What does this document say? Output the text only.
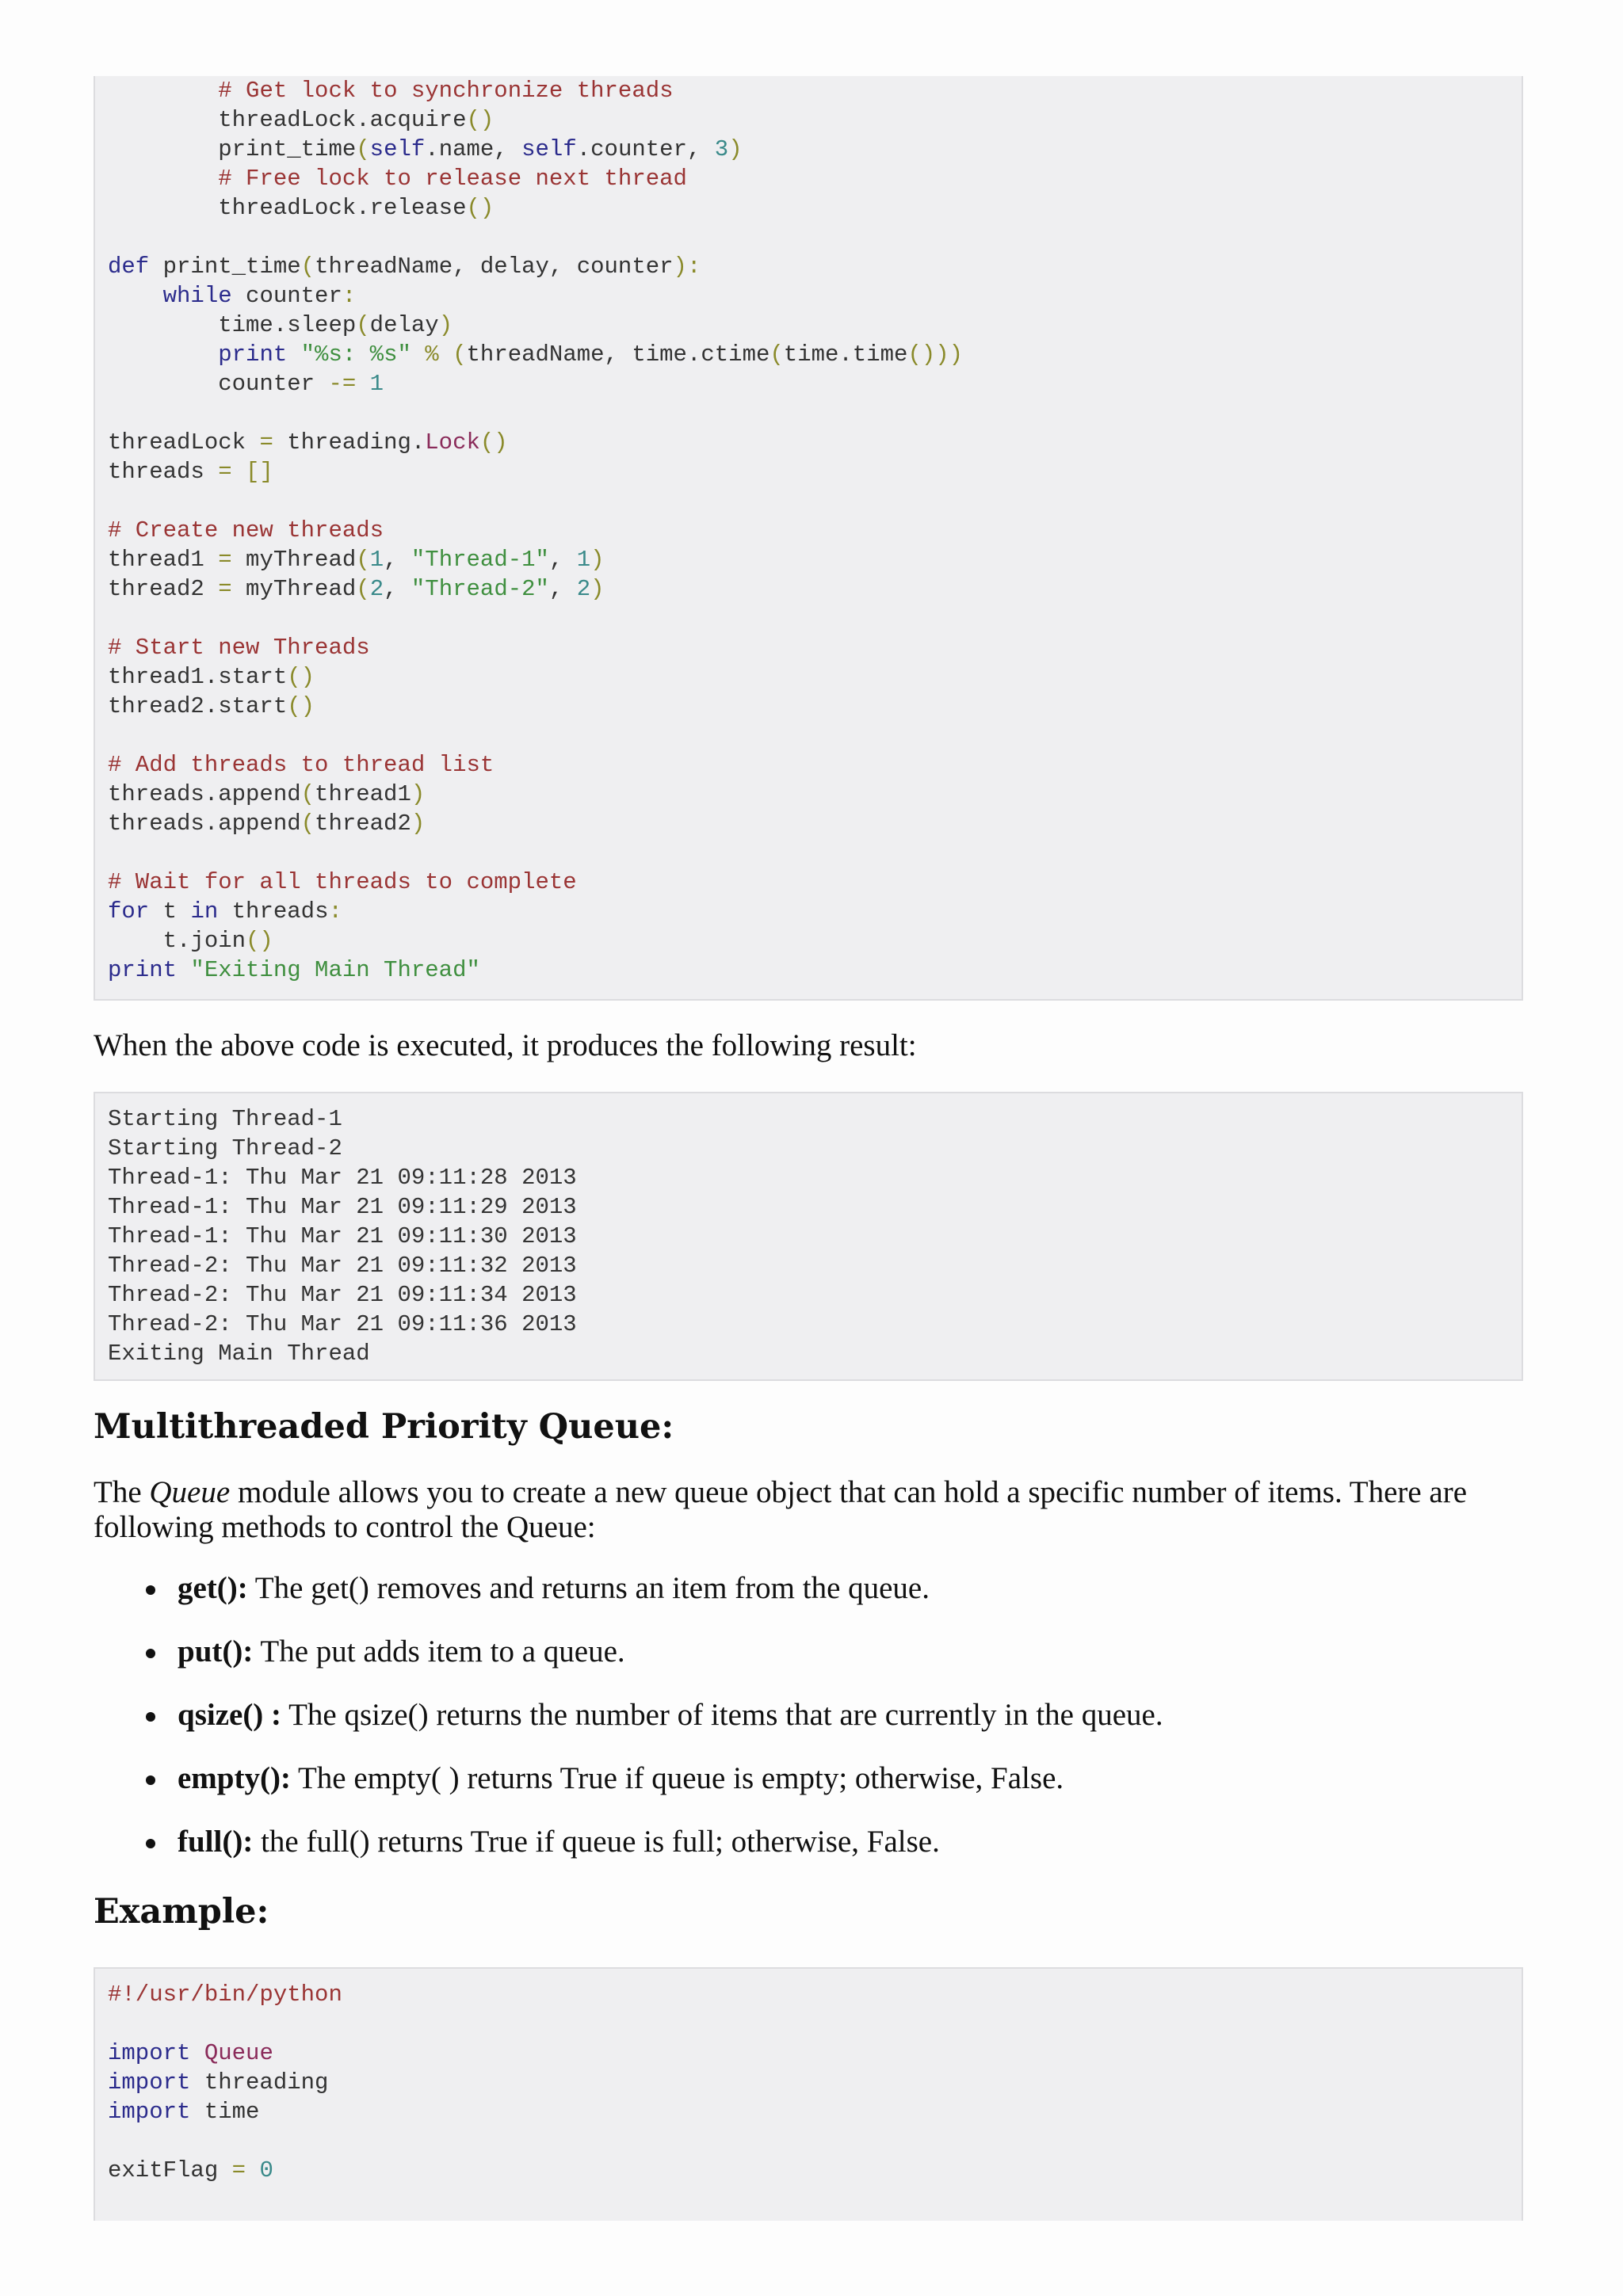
# Get lock to synchronize threads
threadLock.acquire()
print_time(self.name, self.counter, 3)
# Free lock to release next thread
threadLock.release()

def print_time(threadName, delay, counter):
while counter:
time.sleep(delay)
print "%s: %s" % (threadName, time.ctime(time.time()))
counter -= 1

threadLock = threading.Lock()
threads = []

# Create new threads
thread1 = myThread(1, "Thread-1", 1)
thread2 = myThread(2, "Thread-2", 2)

# Start new Threads
thread1.start()
thread2.start()

# Add threads to thread list
threads.append(thread1)
threads.append(thread2)

# Wait for all threads to complete
for t in threads:
t.join()
print "Exiting Main Thread"
When the above code is executed, it produces the following result:
Starting Thread-1
Starting Thread-2
Thread-1: Thu Mar 21 09:11:28 2013
Thread-1: Thu Mar 21 09:11:29 2013
Thread-1: Thu Mar 21 09:11:30 2013
Thread-2: Thu Mar 21 09:11:32 2013
Thread-2: Thu Mar 21 09:11:34 2013
Thread-2: Thu Mar 21 09:11:36 2013
Exiting Main Thread
Multithreaded Priority Queue:
The Queue module allows you to create a new queue object that can hold a specific number of items. There are following methods to control the Queue:
get(): The get() removes and returns an item from the queue.
put(): The put adds item to a queue.
qsize() : The qsize() returns the number of items that are currently in the queue.
empty(): The empty( ) returns True if queue is empty; otherwise, False.
full(): the full() returns True if queue is full; otherwise, False.
Example:
#!/usr/bin/python

import Queue
import threading
import time

exitFlag = 0
